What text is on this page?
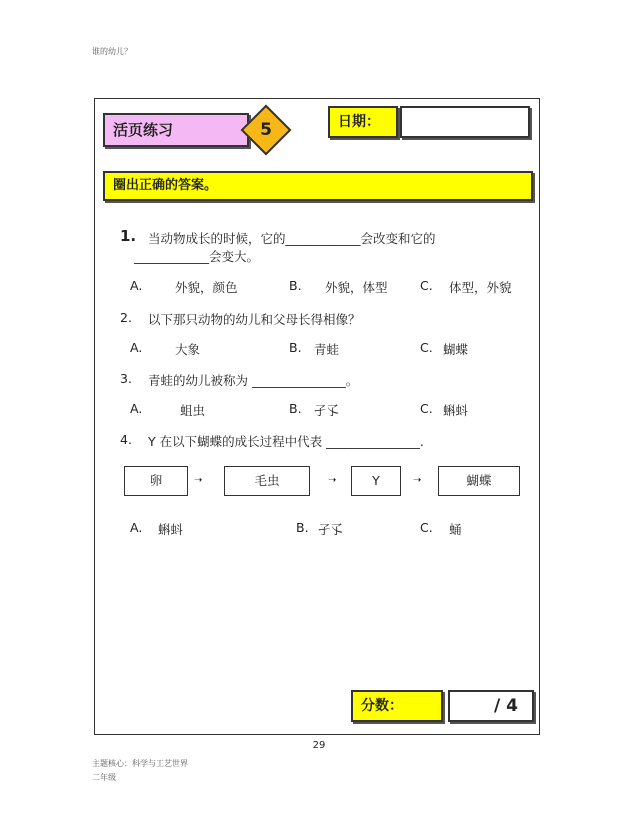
谁的幼儿？
活页练习	5	日期：
圈出正确的答案。
1. 当动物成长的时候，它的____________会改变和它的
____________会变大。
A.	外貌，颜色	B. 外貌，体型	C. 体型，外貌
2. 以下那只动物的幼儿和父母长得相像？
A.	大象	B. 青蛙	C. 蝴蝶
3. 青蛙的幼儿被称为 _______________。
A.	蛆虫	B. 孑孓	C. 蝌蚪
4. Y 在以下蝴蝶的成长过程中代表 _______________.
卵	➝	毛虫	➝	Y	➝	蝴蝶
A. 蝌蚪	B. 孑孓	C. 蛹
分数：	/ 4
29
主题核心：科学与工艺世界
二年级
